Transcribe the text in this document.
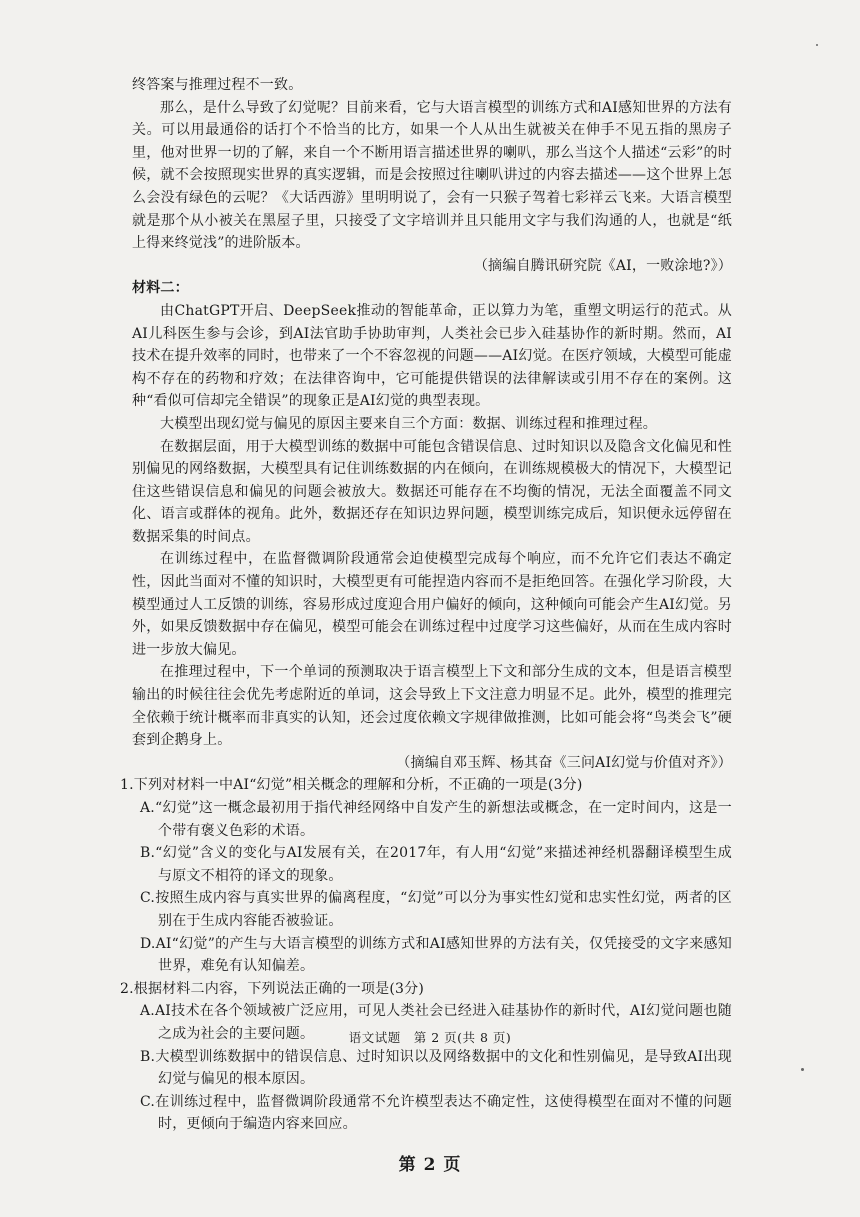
终答案与推理过程不一致。

那么，是什么导致了幻觉呢？目前来看，它与大语言模型的训练方式和AI感知世界的方法有关。可以用最通俗的话打个不恰当的比方，如果一个人从出生就被关在伸手不见五指的黑房子里，他对世界一切的了解，来自一个不断用语言描述世界的喇叭，那么当这个人描述“云彩”的时候，就不会按照现实世界的真实逻辑，而是会按照过往喇叭讲过的内容去描述——这个世界上怎么会没有绿色的云呢？《大话西游》里明明说了，会有一只猴子驾着七彩祥云飞来。大语言模型就是那个从小被关在黑屋子里，只接受了文字培训并且只能用文字与我们沟通的人，也就是“纸上得来终觉浅”的进阶版本。

（摘编自腾讯研究院《AI，一败涂地?》）

材料二：

由ChatGPT开启、DeepSeek推动的智能革命，正以算力为笔，重塑文明运行的范式。从AI儿科医生参与会诊，到AI法官助手协助审判，人类社会已步入硅基协作的新时期。然而，AI技术在提升效率的同时，也带来了一个不容忽视的问题——AI幻觉。在医疗领域，大模型可能虚构不存在的药物和疗效；在法律咨询中，它可能提供错误的法律解读或引用不存在的案例。这种“看似可信却完全错误”的现象正是AI幻觉的典型表现。

大模型出现幻觉与偏见的原因主要来自三个方面：数据、训练过程和推理过程。

在数据层面，用于大模型训练的数据中可能包含错误信息、过时知识以及隐含文化偏见和性别偏见的网络数据，大模型具有记住训练数据的内在倾向，在训练规模极大的情况下，大模型记住这些错误信息和偏见的问题会被放大。数据还可能存在不均衡的情况，无法全面覆盖不同文化、语言或群体的视角。此外，数据还存在知识边界问题，模型训练完成后，知识便永远停留在数据采集的时间点。

在训练过程中，在监督微调阶段通常会迫使模型完成每个响应，而不允许它们表达不确定性，因此当面对不懂的知识时，大模型更有可能捏造内容而不是拒绝回答。在强化学习阶段，大模型通过人工反馈的训练，容易形成过度迎合用户偏好的倾向，这种倾向可能会产生AI幻觉。另外，如果反馈数据中存在偏见，模型可能会在训练过程中过度学习这些偏好，从而在生成内容时进一步放大偏见。

在推理过程中，下一个单词的预测取决于语言模型上下文和部分生成的文本，但是语言模型输出的时候往往会优先考虑附近的单词，这会导致上下文注意力明显不足。此外，模型的推理完全依赖于统计概率而非真实的认知，还会过度依赖文字规律做推测，比如可能会将“鸟类会飞”硬套到企鹅身上。

（摘编自邓玉辉、杨其奋《三问AI幻觉与价值对齐》）

1.下列对材料一中AI“幻觉”相关概念的理解和分析，不正确的一项是(3分)

A.“幻觉”这一概念最初用于指代神经网络中自发产生的新想法或概念，在一定时间内，这是一个带有褒义色彩的术语。

B.“幻觉”含义的变化与AI发展有关，在2017年，有人用“幻觉”来描述神经机器翻译模型生成与原文不相符的译文的现象。

C.按照生成内容与真实世界的偏离程度，“幻觉”可以分为事实性幻觉和忠实性幻觉，两者的区别在于生成内容能否被验证。

D.AI“幻觉”的产生与大语言模型的训练方式和AI感知世界的方法有关，仅凭接受的文字来感知世界，难免有认知偏差。

2.根据材料二内容，下列说法正确的一项是(3分)

A.AI技术在各个领域被广泛应用，可见人类社会已经进入硅基协作的新时代，AI幻觉问题也随之成为社会的主要问题。

B.大模型训练数据中的错误信息、过时知识以及网络数据中的文化和性别偏见，是导致AI出现幻觉与偏见的根本原因。

C.在训练过程中，监督微调阶段通常不允许模型表达不确定性，这使得模型在面对不懂的问题时，更倾向于编造内容来回应。

语文试题　第 2 页(共 8 页)
第 2 页
